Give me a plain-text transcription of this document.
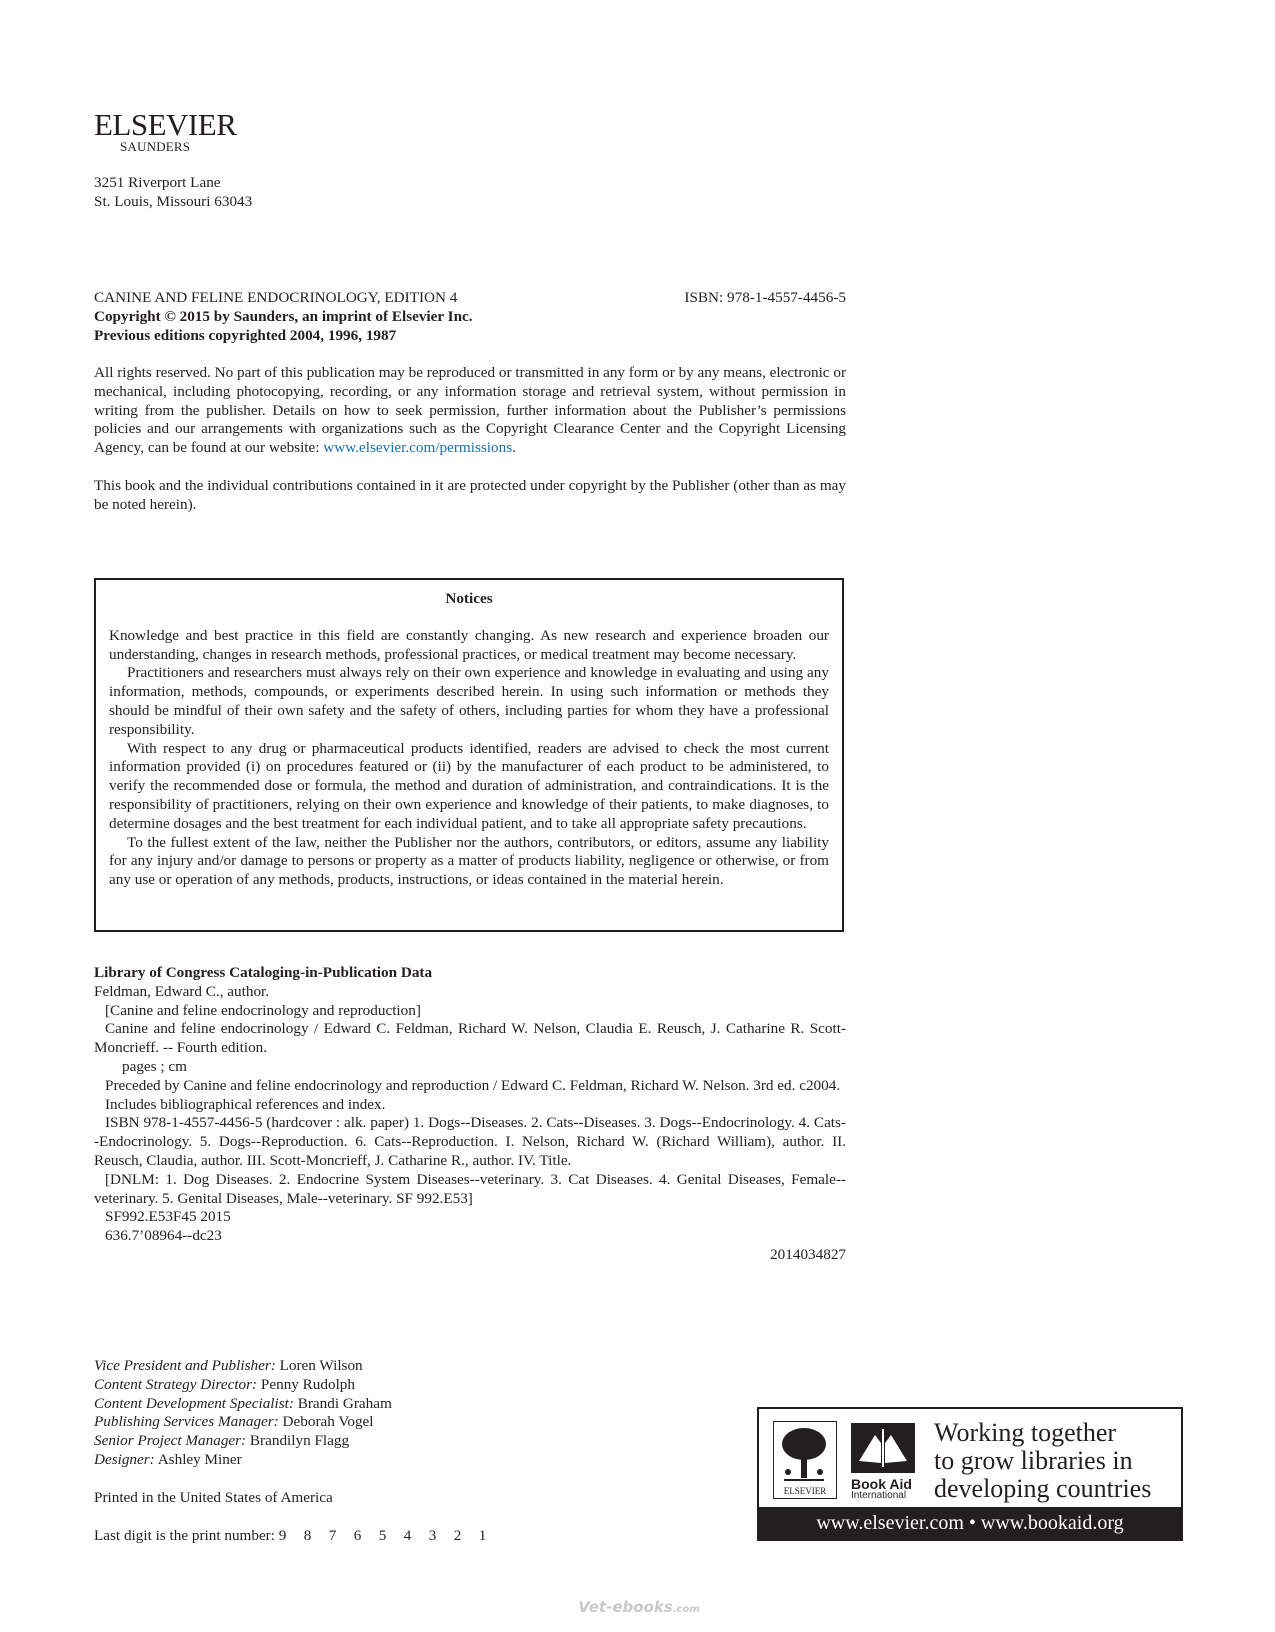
ELSEVIER
SAUNDERS
3251 Riverport Lane
St. Louis, Missouri 63043
CANINE AND FELINE ENDOCRINOLOGY, EDITION 4	ISBN: 978-1-4557-4456-5
Copyright © 2015 by Saunders, an imprint of Elsevier Inc.
Previous editions copyrighted 2004, 1996, 1987
All rights reserved. No part of this publication may be reproduced or transmitted in any form or by any means, electronic or mechanical, including photocopying, recording, or any information storage and retrieval system, without permission in writing from the publisher. Details on how to seek permission, further information about the Publisher’s permissions policies and our arrangements with organizations such as the Copyright Clearance Center and the Copyright Licensing Agency, can be found at our website: www.elsevier.com/permissions.
This book and the individual contributions contained in it are protected under copyright by the Publisher (other than as may be noted herein).
Notices

Knowledge and best practice in this field are constantly changing. As new research and experience broaden our understanding, changes in research methods, professional practices, or medical treatment may become necessary.

Practitioners and researchers must always rely on their own experience and knowledge in evaluating and using any information, methods, compounds, or experiments described herein. In using such information or methods they should be mindful of their own safety and the safety of others, including parties for whom they have a professional responsibility.

With respect to any drug or pharmaceutical products identified, readers are advised to check the most current information provided (i) on procedures featured or (ii) by the manufacturer of each product to be administered, to verify the recommended dose or formula, the method and duration of administration, and contraindications. It is the responsibility of practitioners, relying on their own experience and knowledge of their patients, to make diagnoses, to determine dosages and the best treatment for each individual patient, and to take all appropriate safety precautions.

To the fullest extent of the law, neither the Publisher nor the authors, contributors, or editors, assume any liability for any injury and/or damage to persons or property as a matter of products liability, negligence or otherwise, or from any use or operation of any methods, products, instructions, or ideas contained in the material herein.

Library of Congress Cataloging-in-Publication Data
Feldman, Edward C., author.
[Canine and feline endocrinology and reproduction]
Canine and feline endocrinology / Edward C. Feldman, Richard W. Nelson, Claudia E. Reusch, J. Catharine R. Scott-Moncrieff. -- Fourth edition.
pages ; cm
Preceded by Canine and feline endocrinology and reproduction / Edward C. Feldman, Richard W. Nelson. 3rd ed. c2004.
Includes bibliographical references and index.
ISBN 978-1-4557-4456-5 (hardcover : alk. paper) 1. Dogs--Diseases. 2. Cats--Diseases. 3. Dogs--Endocrinology. 4. Cats--Endocrinology. 5. Dogs--Reproduction. 6. Cats--Reproduction. I. Nelson, Richard W. (Richard William), author. II. Reusch, Claudia, author. III. Scott-Moncrieff, J. Catharine R., author. IV. Title.
[DNLM: 1. Dog Diseases. 2. Endocrine System Diseases--veterinary. 3. Cat Diseases. 4. Genital Diseases, Female--veterinary. 5. Genital Diseases, Male--veterinary. SF 992.E53]
SF992.E53F45 2015
636.7’08964--dc23
2014034827
Vice President and Publisher: Loren Wilson
Content Strategy Director: Penny Rudolph
Content Development Specialist: Brandi Graham
Publishing Services Manager: Deborah Vogel
Senior Project Manager: Brandilyn Flagg
Designer: Ashley Miner
Printed in the United States of America
Last digit is the print number: 9 8 7 6 5 4 3 2 1
ELSEVIER	Book Aid
International
Working together
to grow libraries in
developing countries
www.elsevier.com • www.bookaid.org
Vet-ebooks.com
